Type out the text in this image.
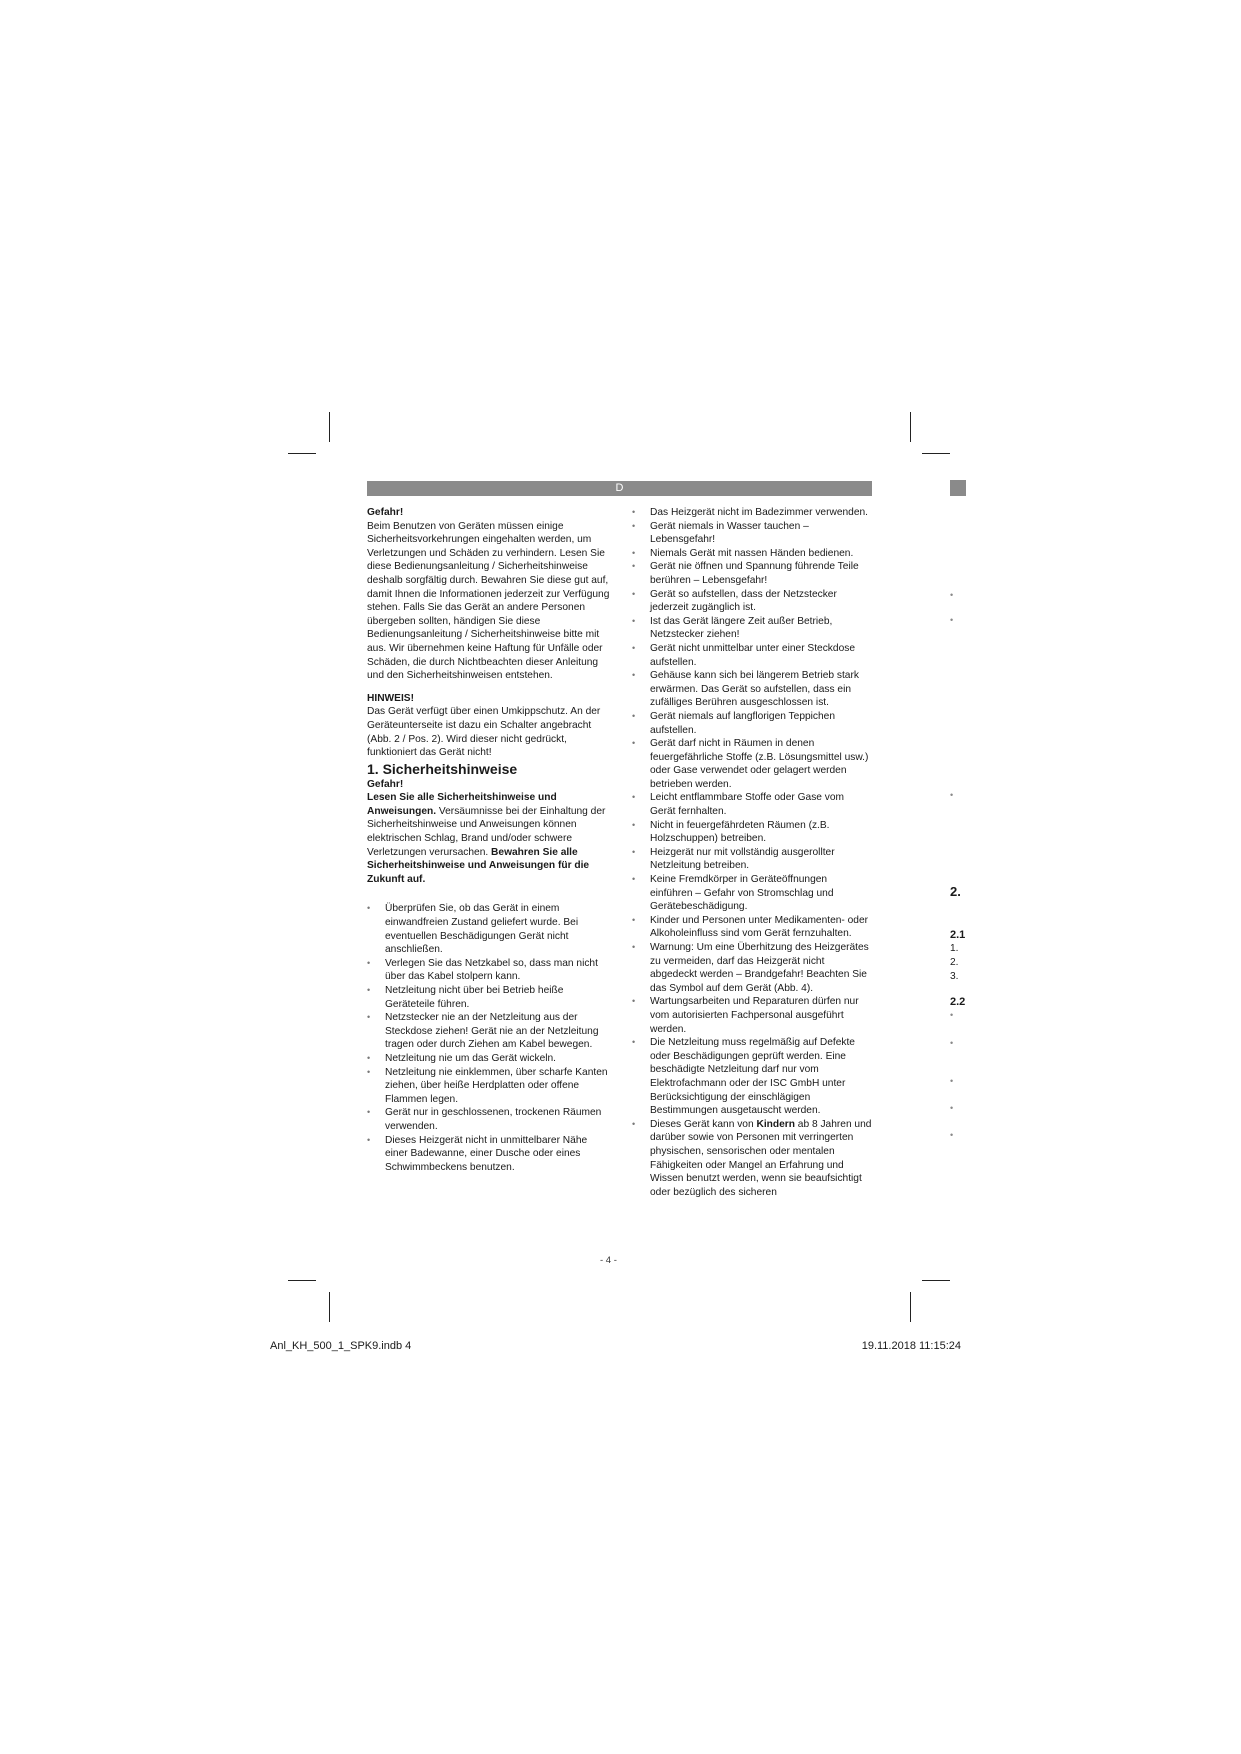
D

Gefahr!

Beim Benutzen von Geräten müssen einige Sicherheitsvorkehrungen eingehalten werden, um Verletzungen und Schäden zu verhindern. Lesen Sie diese Bedienungsanleitung / Sicherheitshinweise deshalb sorgfältig durch. Bewahren Sie diese gut auf, damit Ihnen die Informationen jederzeit zur Verfügung stehen. Falls Sie das Gerät an andere Personen übergeben sollten, händigen Sie diese Bedienungsanleitung / Sicherheitshinweise bitte mit aus. Wir übernehmen keine Haftung für Unfälle oder Schäden, die durch Nichtbeachten dieser Anleitung und den Sicherheitshinweisen entstehen.

HINWEIS!

Das Gerät verfügt über einen Umkippschutz. An der Geräteunterseite ist dazu ein Schalter angebracht (Abb. 2 / Pos. 2). Wird dieser nicht gedrückt, funktioniert das Gerät nicht!

1. Sicherheitshinweise

Gefahr!

Lesen Sie alle Sicherheitshinweise und Anweisungen. Versäumnisse bei der Einhaltung der Sicherheitshinweise und Anweisungen können elektrischen Schlag, Brand und/oder schwere Verletzungen verursachen. Bewahren Sie alle Sicherheitshinweise und Anweisungen für die Zukunft auf.

• Überprüfen Sie, ob das Gerät in einem einwandfreien Zustand geliefert wurde. Bei eventuellen Beschädigungen Gerät nicht anschließen.
• Verlegen Sie das Netzkabel so, dass man nicht über das Kabel stolpern kann.
• Netzleitung nicht über bei Betrieb heiße Geräteteile führen.
• Netzstecker nie an der Netzleitung aus der Steckdose ziehen! Gerät nie an der Netzleitung tragen oder durch Ziehen am Kabel bewegen.
• Netzleitung nie um das Gerät wickeln.
• Netzleitung nie einklemmen, über scharfe Kanten ziehen, über heiße Herdplatten oder offene Flammen legen.
• Gerät nur in geschlossenen, trockenen Räumen verwenden.
• Dieses Heizgerät nicht in unmittelbarer Nähe einer Badewanne, einer Dusche oder eines Schwimmbeckens benutzen.
• Das Heizgerät nicht im Badezimmer verwenden.
• Gerät niemals in Wasser tauchen – Lebensgefahr!
• Niemals Gerät mit nassen Händen bedienen.
• Gerät nie öffnen und Spannung führende Teile berühren – Lebensgefahr!
• Gerät so aufstellen, dass der Netzstecker jederzeit zugänglich ist.
• Ist das Gerät längere Zeit außer Betrieb, Netzstecker ziehen!
• Gerät nicht unmittelbar unter einer Steckdose aufstellen.
• Gehäuse kann sich bei längerem Betrieb stark erwärmen. Das Gerät so aufstellen, dass ein zufälliges Berühren ausgeschlossen ist.
• Gerät niemals auf langflorigen Teppichen aufstellen.
• Gerät darf nicht in Räumen in denen feuergefährliche Stoffe (z.B. Lösungsmittel usw.) oder Gase verwendet oder gelagert werden betrieben werden.
• Leicht entflammbare Stoffe oder Gase vom Gerät fernhalten.
• Nicht in feuergefährdeten Räumen (z.B. Holzschuppen) betreiben.
• Heizgerät nur mit vollständig ausgerollter Netzleitung betreiben.
• Keine Fremdkörper in Geräteöffnungen einführen – Gefahr von Stromschlag und Gerätebeschädigung.
• Kinder und Personen unter Medikamenten- oder Alkoholeinfluss sind vom Gerät fernzuhalten.
• Warnung: Um eine Überhitzung des Heizgerätes zu vermeiden, darf das Heizgerät nicht abgedeckt werden – Brandgefahr! Beachten Sie das Symbol auf dem Gerät (Abb. 4).
• Wartungsarbeiten und Reparaturen dürfen nur vom autorisierten Fachpersonal ausgeführt werden.
• Die Netzleitung muss regelmäßig auf Defekte oder Beschädigungen geprüft werden. Eine beschädigte Netzleitung darf nur vom Elektrofachmann oder der ISC GmbH unter Berücksichtigung der einschlägigen Bestimmungen ausgetauscht werden.
• Dieses Gerät kann von Kindern ab 8 Jahren und darüber sowie von Personen mit verringerten physischen, sensorischen oder mentalen Fähigkeiten oder Mangel an Erfahrung und Wissen benutzt werden, wenn sie beaufsichtigt oder bezüglich des sicheren
•
•
•
2.
2.1
1.
2.
3.
2.2
•
•
•
•
•
- 4 -
Anl_KH_500_1_SPK9.indb 4	19.11.2018 11:15:24
